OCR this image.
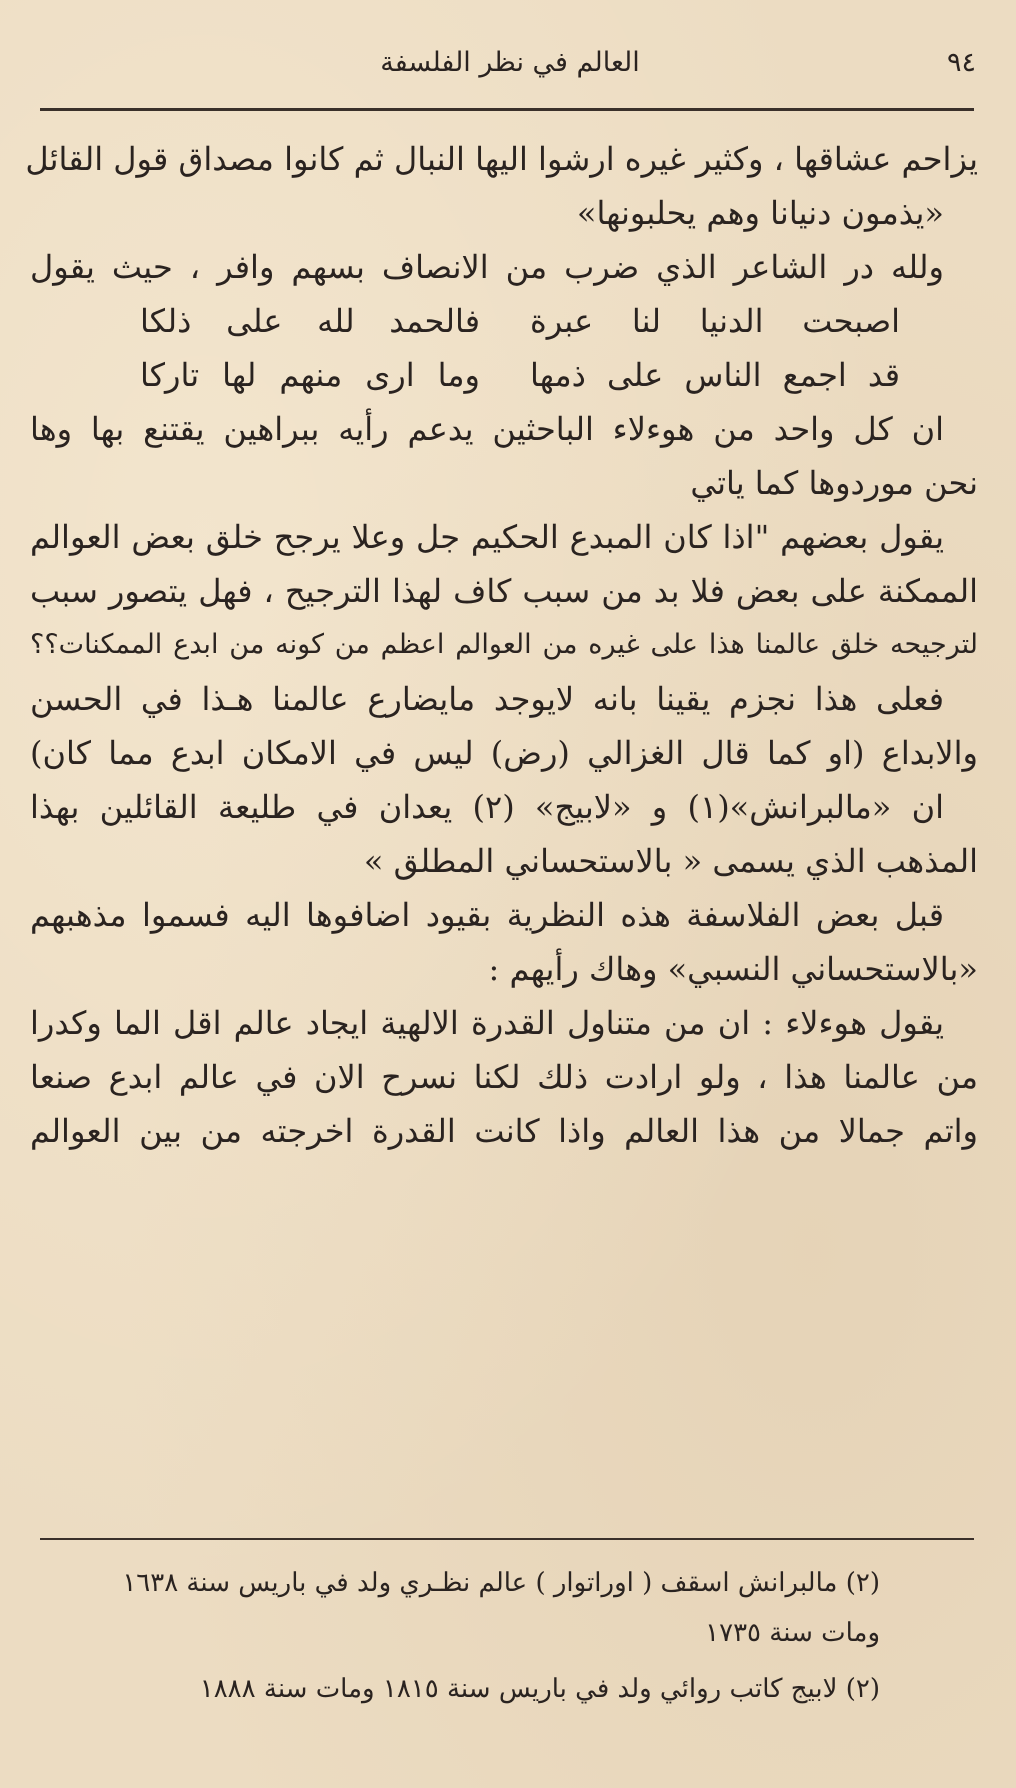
٩٤
العالم في نظر الفلسفة
يزاحم عشاقها ، وكثير غيره ارشوا اليها النبال ثم كانوا مصداق قول القائل
«يذمون دنيانا وهم يحلبونها»
ولله در الشاعر الذي ضرب من الانصاف بسهم وافر ، حيث يقول
اصبحت الدنيا لنا عبرة
فالحمد لله على ذلكا
قد اجمع الناس على ذمها
وما ارى منهم لها تاركا
ان كل واحد من هوءلاء الباحثين يدعم رأيه ببراهين يقتنع بها وها
نحن موردوها كما ياتي
يقول بعضهم "اذا كان المبدع الحكيم جل وعلا يرجح خلق بعض العوالم
الممكنة على بعض فلا بد من سبب كاف لهذا الترجيح ، فهل يتصور سبب
لترجيحه خلق عالمنا هذا على غيره من العوالم اعظم من كونه من ابدع الممكنات؟؟
فعلى هذا نجزم يقينا بانه لايوجد مايضارع عالمنا هـذا في الحسن
والابداع (او كما قال الغزالي (رض) ليس في الامكان ابدع مما كان)
ان «مالبرانش»(١) و «لابيج» (٢) يعدان في طليعة القائلين بهذا
المذهب الذي يسمى « بالاستحساني المطلق »
قبل بعض الفلاسفة هذه النظرية بقيود اضافوها اليه فسموا مذهبهم
«بالاستحساني النسبي» وهاك رأيهم :
يقول هوءلاء : ان من متناول القدرة الالهية ايجاد عالم اقل الما وكدرا
من عالمنا هذا ، ولو ارادت ذلك لكنا نسرح الان في عالم ابدع صنعا
واتم جمالا من هذا العالم واذا كانت القدرة اخرجته من بين العوالم
(٢) مالبرانش اسقف ( اوراتوار ) عالم نظـري ولد في باريس سنة ١٦٣٨
ومات سنة ١٧٣٥
(٢) لابيج كاتب روائي ولد في باريس سنة ١٨١٥ ومات سنة ١٨٨٨
